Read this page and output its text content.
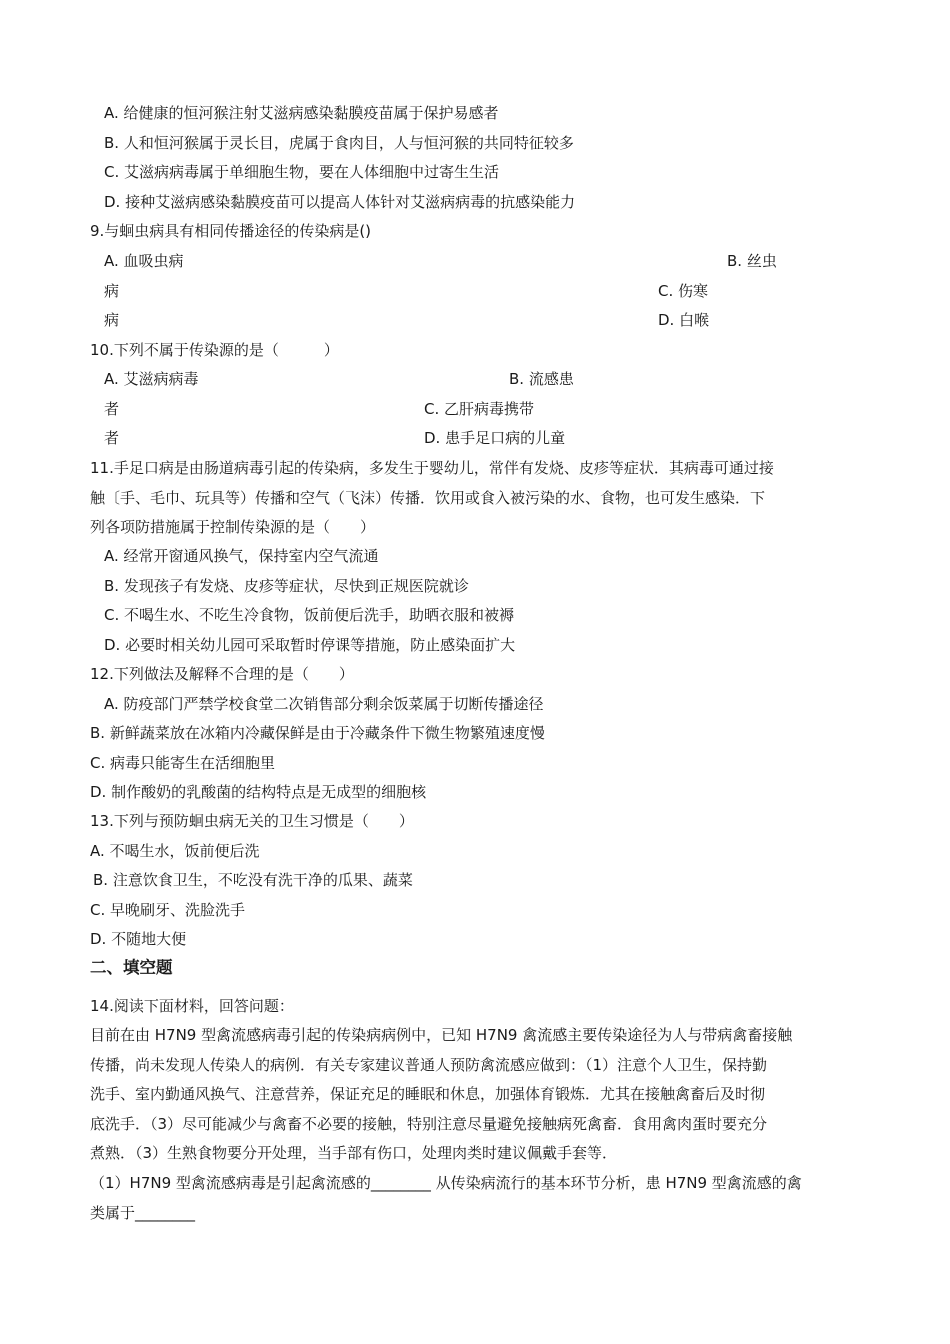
A. 给健康的恒河猴注射艾滋病感染黏膜疫苗属于保护易感者
B. 人和恒河猴属于灵长目，虎属于食肉目，人与恒河猴的共同特征较多
C. 艾滋病病毒属于单细胞生物，要在人体细胞中过寄生生活
D. 接种艾滋病感染黏膜疫苗可以提高人体针对艾滋病病毒的抗感染能力
9.与蛔虫病具有相同传播途径的传染病是()
A. 血吸虫病	B. 丝虫
病	C. 伤寒
病	D. 白喉
10.下列不属于传染源的是（　　　）
A. 艾滋病病毒	B. 流感患
者	C. 乙肝病毒携带
者	D. 患手足口病的儿童
11.手足口病是由肠道病毒引起的传染病，多发生于婴幼儿，常伴有发烧、皮疹等症状．其病毒可通过接
触〔手、毛巾、玩具等）传播和空气（飞沫）传播．饮用或食入被污染的水、食物，也可发生感染．下
列各项防措施属于控制传染源的是（　　）
A. 经常开窗通风换气，保持室内空气流通
B. 发现孩子有发烧、皮疹等症状，尽快到正规医院就诊
C. 不喝生水、不吃生冷食物，饭前便后洗手，助晒衣服和被褥
D. 必要时相关幼儿园可采取暂时停课等措施，防止感染面扩大
12.下列做法及解释不合理的是（　　）
A. 防疫部门严禁学校食堂二次销售部分剩余饭菜属于切断传播途径
B. 新鲜蔬菜放在冰箱内冷藏保鲜是由于冷藏条件下微生物繁殖速度慢
C. 病毒只能寄生在活细胞里
D. 制作酸奶的乳酸菌的结构特点是无成型的细胞核
13.下列与预防蛔虫病无关的卫生习惯是（　　）
A. 不喝生水，饭前便后洗
B. 注意饮食卫生，不吃没有洗干净的瓜果、蔬菜
C. 早晚刷牙、洗脸洗手
D. 不随地大便
二、填空题
14.阅读下面材料，回答问题：
目前在由 H7N9 型禽流感病毒引起的传染病病例中，已知 H7N9 禽流感主要传染途径为人与带病禽畜接触
传播，尚未发现人传染人的病例．有关专家建议普通人预防禽流感应做到：（1）注意个人卫生，保持勤
洗手、室内勤通风换气、注意营养，保证充足的睡眠和休息，加强体育锻炼．尤其在接触禽畜后及时彻
底洗手．（3）尽可能减少与禽畜不必要的接触，特别注意尽量避免接触病死禽畜．食用禽肉蛋时要充分
煮熟．（3）生熟食物要分开处理，当手部有伤口，处理肉类时建议佩戴手套等．
（1）H7N9 型禽流感病毒是引起禽流感的________ 从传染病流行的基本环节分析，患 H7N9 型禽流感的禽
类属于________
